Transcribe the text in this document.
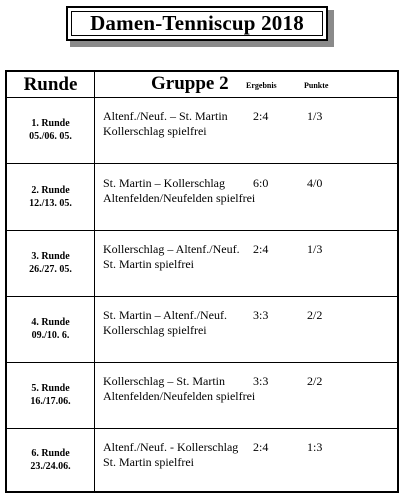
Damen-Tenniscup 2018
Runde	Gruppe 2 Ergebnis	Punkte
1. Runde
05./06. 05.
Altenf./Neuf. – St. Martin 2:4	1/3
Kollerschlag spielfrei
2. Runde
12./13. 05.
St. Martin – Kollerschlag 6:0	4/0
Altenfelden/Neufelden spielfrei
3. Runde
26./27. 05.
Kollerschlag – Altenf./Neuf. 2:4	1/3
St. Martin spielfrei
4. Runde
09./10. 6.
St. Martin – Altenf./Neuf. 3:3	2/2
Kollerschlag spielfrei
5. Runde
16./17.06.
Kollerschlag – St. Martin 3:3	2/2
Altenfelden/Neufelden spielfrei
6. Runde
23./24.06.
Altenf./Neuf. - Kollerschlag 2:4	1:3
St. Martin spielfrei
